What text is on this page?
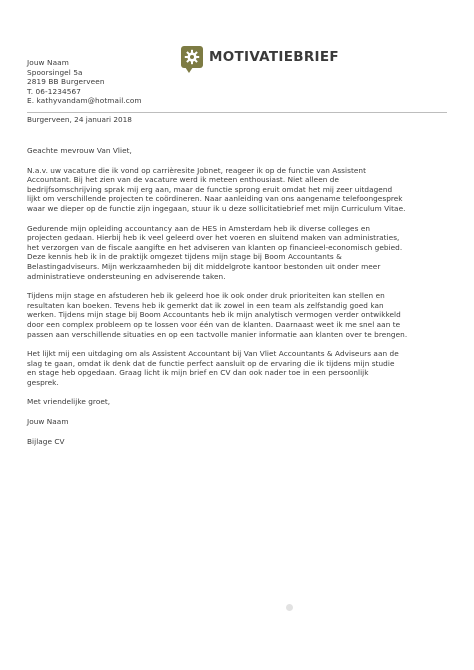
Jouw Naam
Spoorsingel 5a
2819 BB Burgerveen
T. 06-1234567
E. kathyvandam@hotmail.com
MOTIVATIEBRIEF
Burgerveen, 24 januari 2018

Geachte mevrouw Van Vliet,

N.a.v. uw vacature die ik vond op carrièresite Jobnet, reageer ik op de functie van Assistent
Accountant. Bij het zien van de vacature werd ik meteen enthousiast. Niet alleen de
bedrijfsomschrijving sprak mij erg aan, maar de functie sprong eruit omdat het mij zeer uitdagend
lijkt om verschillende projecten te coördineren. Naar aanleiding van ons aangename telefoongesprek
waar we dieper op de functie zijn ingegaan, stuur ik u deze sollicitatiebrief met mijn Curriculum Vitae.

Gedurende mijn opleiding accountancy aan de HES in Amsterdam heb ik diverse colleges en
projecten gedaan. Hierbij heb ik veel geleerd over het voeren en sluitend maken van administraties,
het verzorgen van de fiscale aangifte en het adviseren van klanten op financieel-economisch gebied.
Deze kennis heb ik in de praktijk omgezet tijdens mijn stage bij Boom Accountants &
Belastingadviseurs. Mijn werkzaamheden bij dit middelgrote kantoor bestonden uit onder meer
administratieve ondersteuning en adviserende taken.

Tijdens mijn stage en afstuderen heb ik geleerd hoe ik ook onder druk prioriteiten kan stellen en
resultaten kan boeken. Tevens heb ik gemerkt dat ik zowel in een team als zelfstandig goed kan
werken. Tijdens mijn stage bij Boom Accountants heb ik mijn analytisch vermogen verder ontwikkeld
door een complex probleem op te lossen voor één van de klanten. Daarnaast weet ik me snel aan te
passen aan verschillende situaties en op een tactvolle manier informatie aan klanten over te brengen.

Het lijkt mij een uitdaging om als Assistent Accountant bij Van Vliet Accountants & Adviseurs aan de
slag te gaan, omdat ik denk dat de functie perfect aansluit op de ervaring die ik tijdens mijn studie
en stage heb opgedaan. Graag licht ik mijn brief en CV dan ook nader toe in een persoonlijk
gesprek.

Met vriendelijke groet,

Jouw Naam

Bijlage CV
